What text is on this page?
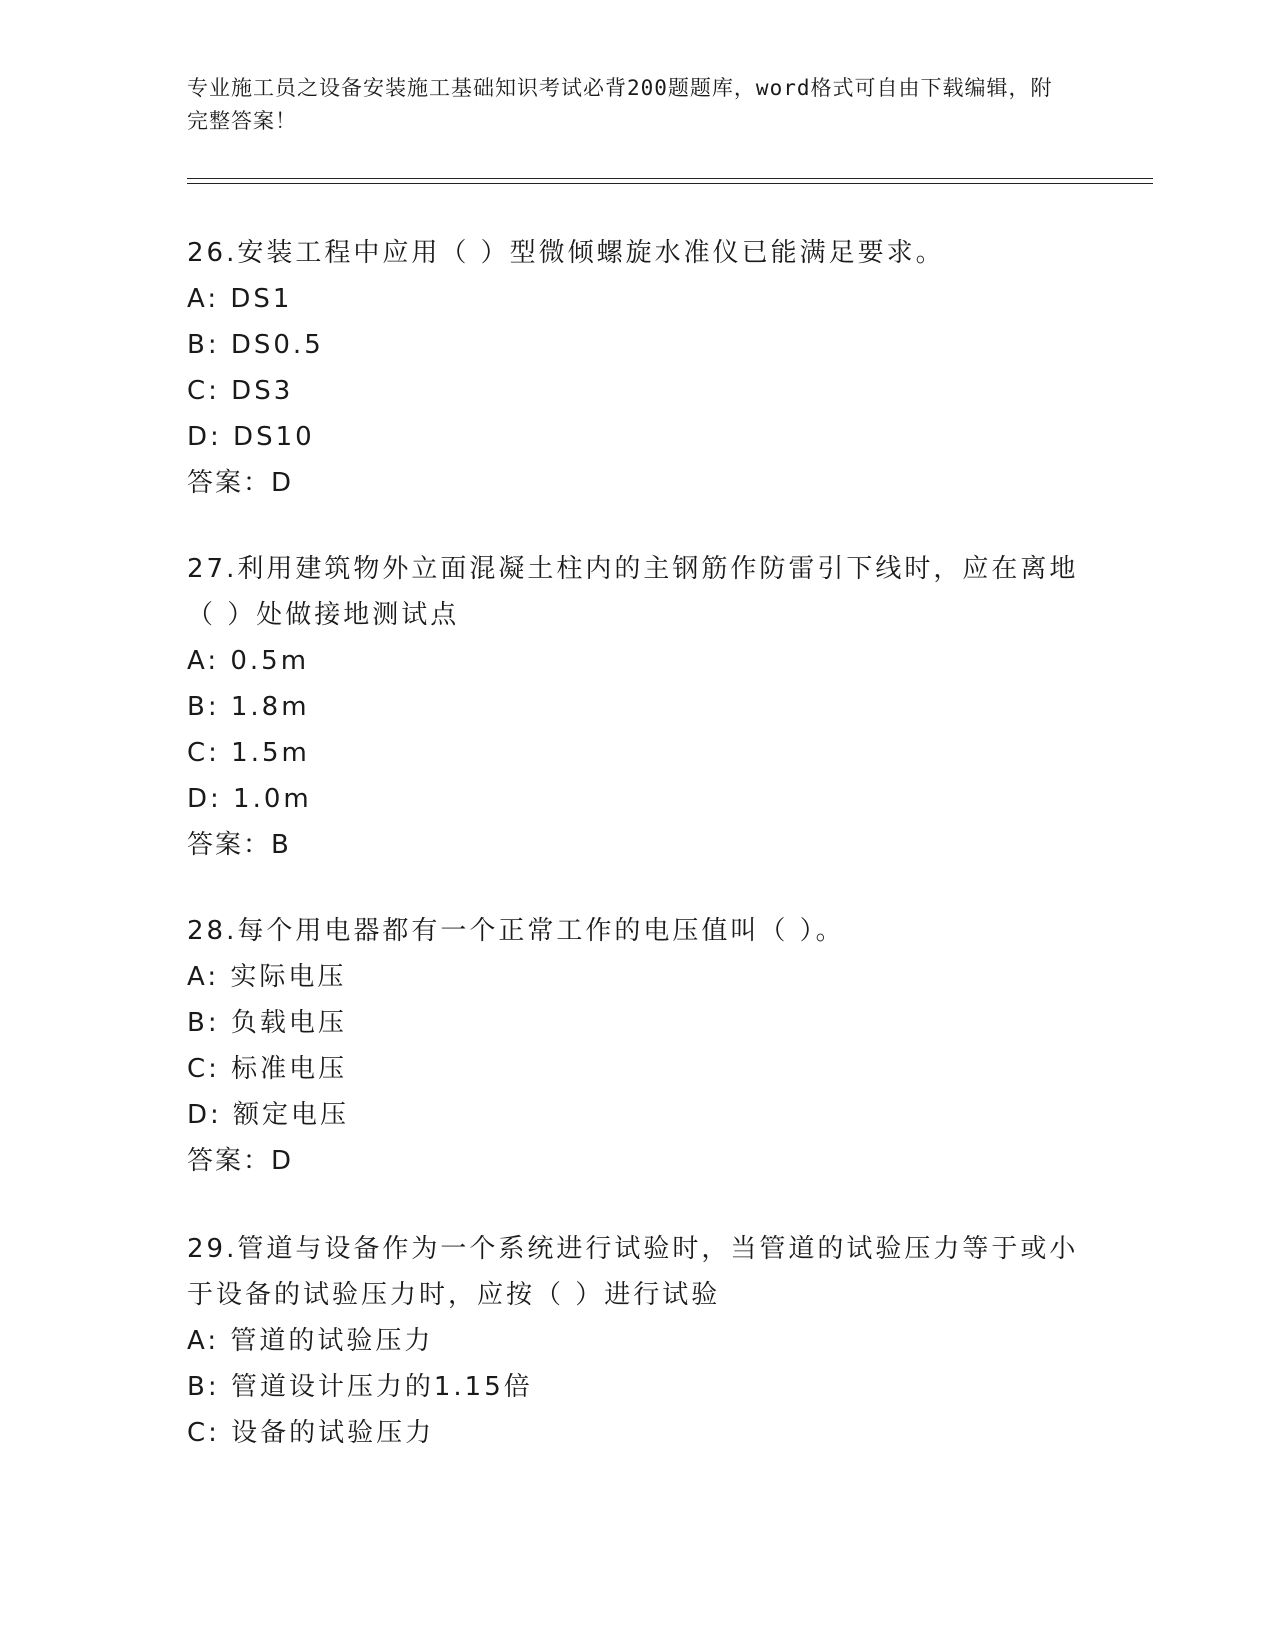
专业施工员之设备安装施工基础知识考试必背200题题库，word格式可自由下载编辑，附完整答案！

26.安装工程中应用（ ）型微倾螺旋水准仪已能满足要求。

A: DS1
B: DS0.5
C: DS3
D: DS10

答案：D

27.利用建筑物外立面混凝土柱内的主钢筋作防雷引下线时，应在离地（ ）处做接地测试点

A: 0.5m
B: 1.8m
C: 1.5m
D: 1.0m

答案：B

28.每个用电器都有一个正常工作的电压值叫（ ）。

A: 实际电压
B: 负载电压
C: 标准电压
D: 额定电压

答案：D

29.管道与设备作为一个系统进行试验时，当管道的试验压力等于或小于设备的试验压力时，应按（ ）进行试验

A: 管道的试验压力
B: 管道设计压力的1.15倍
C: 设备的试验压力
